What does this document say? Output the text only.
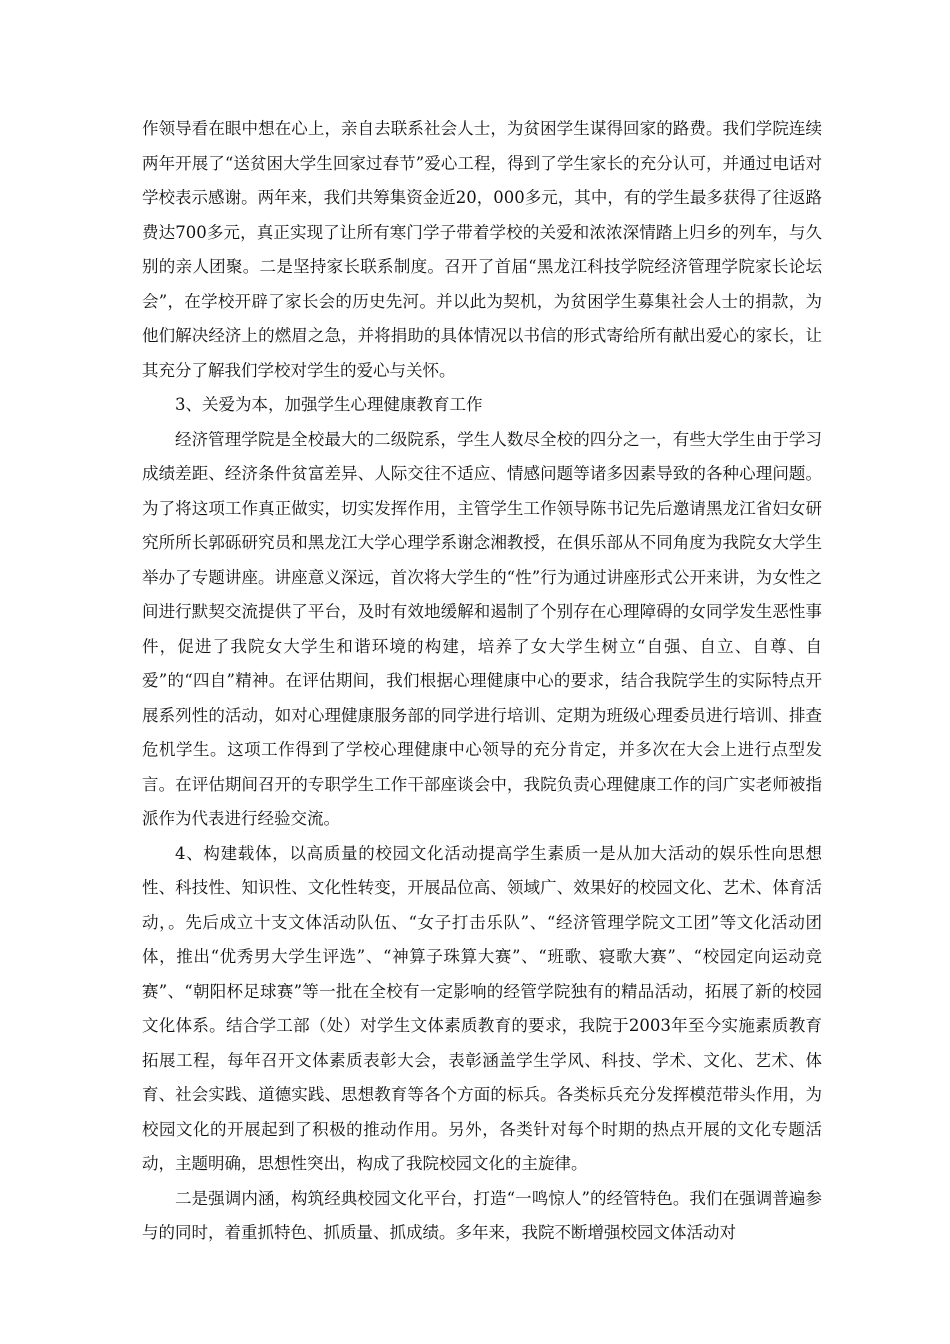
作领导看在眼中想在心上，亲自去联系社会人士，为贫困学生谋得回家的路费。我们学院连续两年开展了“送贫困大学生回家过春节”爱心工程，得到了学生家长的充分认可，并通过电话对学校表示感谢。两年来，我们共筹集资金近20，000多元，其中，有的学生最多获得了往返路费达700多元，真正实现了让所有寒门学子带着学校的关爱和浓浓深情踏上归乡的列车，与久别的亲人团聚。二是坚持家长联系制度。召开了首届“黑龙江科技学院经济管理学院家长论坛会”，在学校开辟了家长会的历史先河。并以此为契机，为贫困学生募集社会人士的捐款，为他们解决经济上的燃眉之急，并将捐助的具体情况以书信的形式寄给所有献出爱心的家长，让其充分了解我们学校对学生的爱心与关怀。

3、关爱为本，加强学生心理健康教育工作

经济管理学院是全校最大的二级院系，学生人数尽全校的四分之一，有些大学生由于学习成绩差距、经济条件贫富差异、人际交往不适应、情感问题等诸多因素导致的各种心理问题。为了将这项工作真正做实，切实发挥作用，主管学生工作领导陈书记先后邀请黑龙江省妇女研究所所长郭砾研究员和黑龙江大学心理学系谢念湘教授，在俱乐部从不同角度为我院女大学生举办了专题讲座。讲座意义深远，首次将大学生的“性”行为通过讲座形式公开来讲，为女性之间进行默契交流提供了平台，及时有效地缓解和遏制了个别存在心理障碍的女同学发生恶性事件，促进了我院女大学生和谐环境的构建，培养了女大学生树立“自强、自立、自尊、自爱”的“四自”精神。在评估期间，我们根据心理健康中心的要求，结合我院学生的实际特点开展系列性的活动，如对心理健康服务部的同学进行培训、定期为班级心理委员进行培训、排查危机学生。这项工作得到了学校心理健康中心领导的充分肯定，并多次在大会上进行点型发言。在评估期间召开的专职学生工作干部座谈会中，我院负责心理健康工作的闫广实老师被指派作为代表进行经验交流。

4、构建载体，以高质量的校园文化活动提高学生素质一是从加大活动的娱乐性向思想性、科技性、知识性、文化性转变，开展品位高、领域广、效果好的校园文化、艺术、体育活动，。先后成立十支文体活动队伍、“女子打击乐队”、“经济管理学院文工团”等文化活动团体，推出“优秀男大学生评选”、“神算子珠算大赛”、“班歌、寝歌大赛”、“校园定向运动竞赛”、“朝阳杯足球赛”等一批在全校有一定影响的经管学院独有的精品活动，拓展了新的校园文化体系。结合学工部（处）对学生文体素质教育的要求，我院于2003年至今实施素质教育拓展工程，每年召开文体素质表彰大会，表彰涵盖学生学风、科技、学术、文化、艺术、体育、社会实践、道德实践、思想教育等各个方面的标兵。各类标兵充分发挥模范带头作用，为校园文化的开展起到了积极的推动作用。另外，各类针对每个时期的热点开展的文化专题活动，主题明确，思想性突出，构成了我院校园文化的主旋律。

二是强调内涵，构筑经典校园文化平台，打造“一鸣惊人”的经管特色。我们在强调普遍参与的同时，着重抓特色、抓质量、抓成绩。多年来，我院不断增强校园文体活动对
